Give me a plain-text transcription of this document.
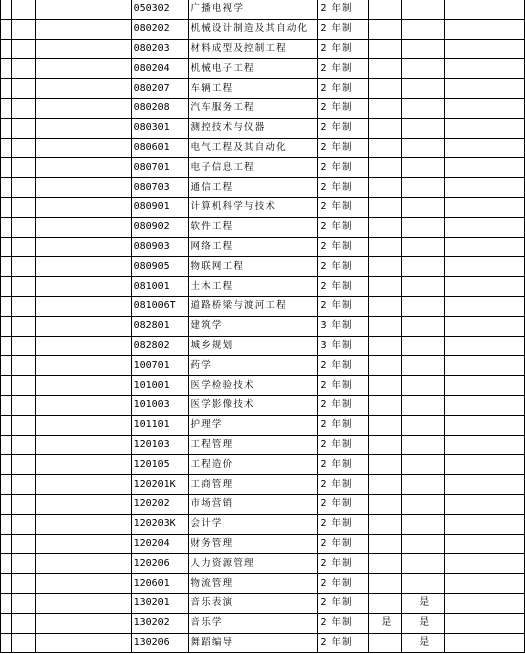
			050302	广播电视学	2 年制			
			080202	机械设计制造及其自动化	2 年制			
			080203	材料成型及控制工程	2 年制			
			080204	机械电子工程	2 年制			
			080207	车辆工程	2 年制			
			080208	汽车服务工程	2 年制			
			080301	测控技术与仪器	2 年制			
			080601	电气工程及其自动化	2 年制			
			080701	电子信息工程	2 年制			
			080703	通信工程	2 年制			
			080901	计算机科学与技术	2 年制			
			080902	软件工程	2 年制			
			080903	网络工程	2 年制			
			080905	物联网工程	2 年制			
			081001	土木工程	2 年制			
			081006T	道路桥梁与渡河工程	2 年制			
			082801	建筑学	3 年制			
			082802	城乡规划	3 年制			
			100701	药学	2 年制			
			101001	医学检验技术	2 年制			
			101003	医学影像技术	2 年制			
			101101	护理学	2 年制			
			120103	工程管理	2 年制			
			120105	工程造价	2 年制			
			120201K	工商管理	2 年制			
			120202	市场营销	2 年制			
			120203K	会计学	2 年制			
			120204	财务管理	2 年制			
			120206	人力资源管理	2 年制			
			120601	物流管理	2 年制			
			130201	音乐表演	2 年制		是	
			130202	音乐学	2 年制	是	是	
			130206	舞蹈编导	2 年制		是	
